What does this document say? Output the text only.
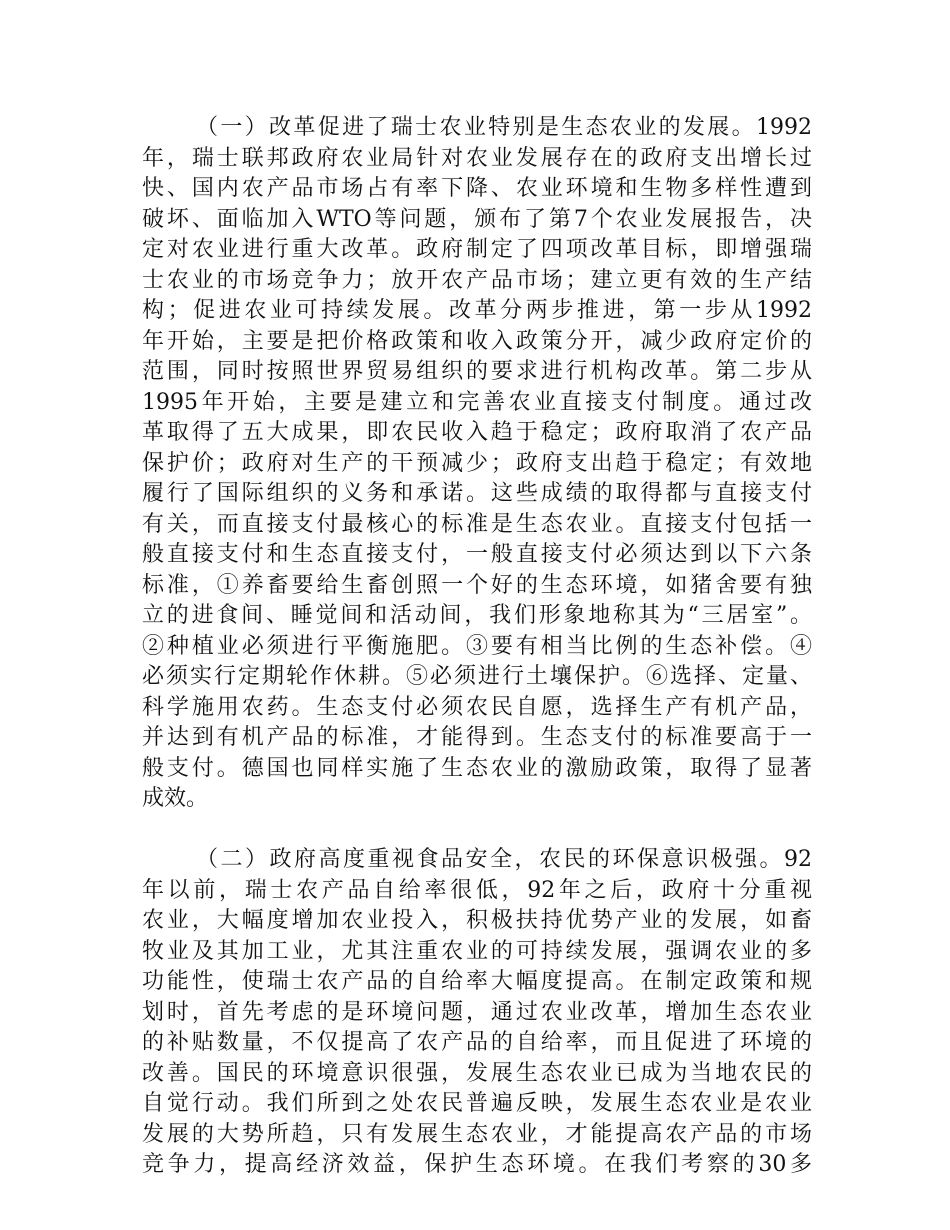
（一）改革促进了瑞士农业特别是生态农业的发展。1992
年，瑞士联邦政府农业局针对农业发展存在的政府支出增长过
快、国内农产品市场占有率下降、农业环境和生物多样性遭到
破坏、面临加入WTO等问题，颁布了第7个农业发展报告，决
定对农业进行重大改革。政府制定了四项改革目标，即增强瑞
士农业的市场竞争力；放开农产品市场；建立更有效的生产结
构；促进农业可持续发展。改革分两步推进，第一步从1992
年开始，主要是把价格政策和收入政策分开，减少政府定价的
范围，同时按照世界贸易组织的要求进行机构改革。第二步从
1995年开始，主要是建立和完善农业直接支付制度。通过改
革取得了五大成果，即农民收入趋于稳定；政府取消了农产品
保护价；政府对生产的干预减少；政府支出趋于稳定；有效地
履行了国际组织的义务和承诺。这些成绩的取得都与直接支付
有关，而直接支付最核心的标准是生态农业。直接支付包括一
般直接支付和生态直接支付，一般直接支付必须达到以下六条
标准，①养畜要给生畜创照一个好的生态环境，如猪舍要有独
立的进食间、睡觉间和活动间，我们形象地称其为“三居室”。
②种植业必须进行平衡施肥。③要有相当比例的生态补偿。④
必须实行定期轮作休耕。⑤必须进行土壤保护。⑥选择、定量、
科学施用农药。生态支付必须农民自愿，选择生产有机产品，
并达到有机产品的标准，才能得到。生态支付的标准要高于一
般支付。德国也同样实施了生态农业的激励政策，取得了显著
成效。
（二）政府高度重视食品安全，农民的环保意识极强。92
年以前，瑞士农产品自给率很低，92年之后，政府十分重视
农业，大幅度增加农业投入，积极扶持优势产业的发展，如畜
牧业及其加工业，尤其注重农业的可持续发展，强调农业的多
功能性，使瑞士农产品的自给率大幅度提高。在制定政策和规
划时，首先考虑的是环境问题，通过农业改革，增加生态农业
的补贴数量，不仅提高了农产品的自给率，而且促进了环境的
改善。国民的环境意识很强，发展生态农业已成为当地农民的
自觉行动。我们所到之处农民普遍反映，发展生态农业是农业
发展的大势所趋，只有发展生态农业，才能提高农产品的市场
竞争力，提高经济效益，保护生态环境。在我们考察的30多
